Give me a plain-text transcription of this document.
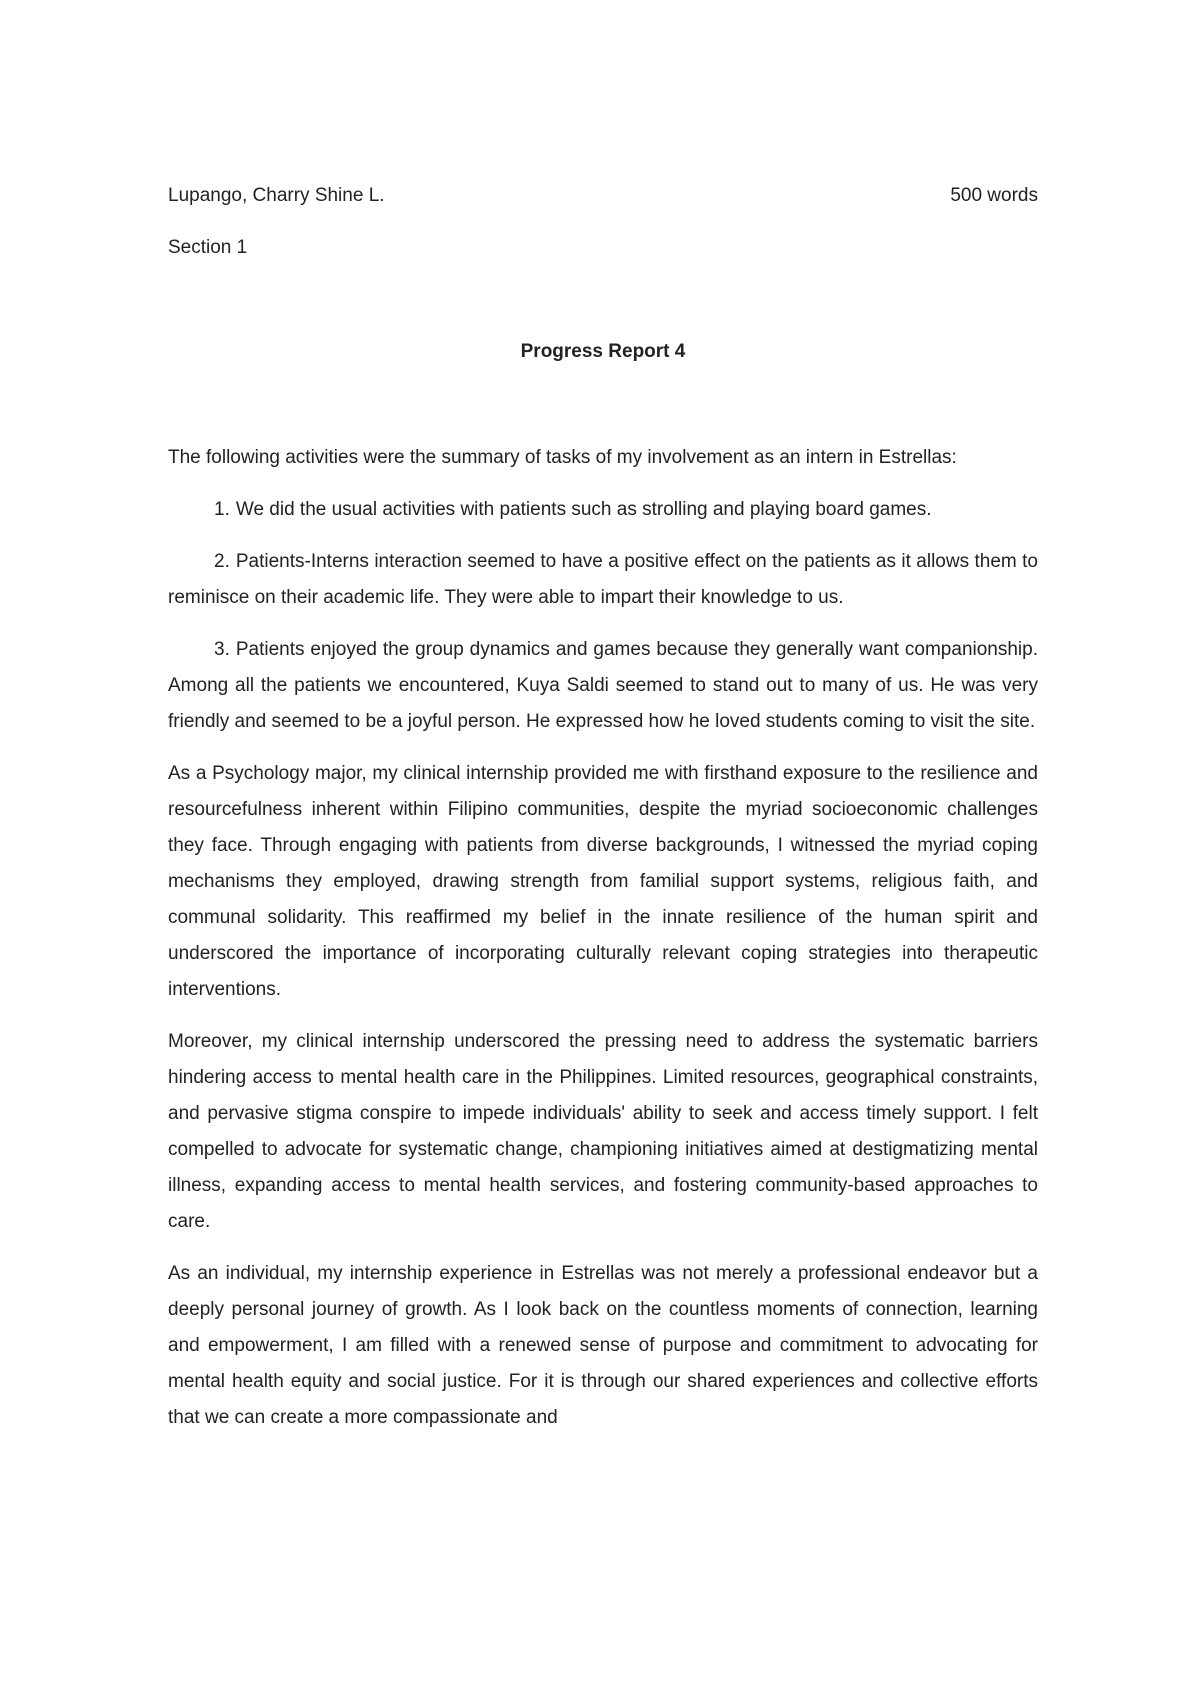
Lupango, Charry Shine L.	500 words
Section 1
Progress Report 4
The following activities were the summary of tasks of my involvement as an intern in Estrellas:
1. We did the usual activities with patients such as strolling and playing board games.
2. Patients-Interns interaction seemed to have a positive effect on the patients as it allows them to reminisce on their academic life. They were able to impart their knowledge to us.
3. Patients enjoyed the group dynamics and games because they generally want companionship. Among all the patients we encountered, Kuya Saldi seemed to stand out to many of us. He was very friendly and seemed to be a joyful person. He expressed how he loved students coming to visit the site.
As a Psychology major, my clinical internship provided me with firsthand exposure to the resilience and resourcefulness inherent within Filipino communities, despite the myriad socioeconomic challenges they face. Through engaging with patients from diverse backgrounds, I witnessed the myriad coping mechanisms they employed, drawing strength from familial support systems, religious faith, and communal solidarity. This reaffirmed my belief in the innate resilience of the human spirit and underscored the importance of incorporating culturally relevant coping strategies into therapeutic interventions.
Moreover, my clinical internship underscored the pressing need to address the systematic barriers hindering access to mental health care in the Philippines. Limited resources, geographical constraints, and pervasive stigma conspire to impede individuals' ability to seek and access timely support. I felt compelled to advocate for systematic change, championing initiatives aimed at destigmatizing mental illness, expanding access to mental health services, and fostering community-based approaches to care.
As an individual, my internship experience in Estrellas was not merely a professional endeavor but a deeply personal journey of growth. As I look back on the countless moments of connection, learning and empowerment, I am filled with a renewed sense of purpose and commitment to advocating for mental health equity and social justice. For it is through our shared experiences and collective efforts that we can create a more compassionate and
